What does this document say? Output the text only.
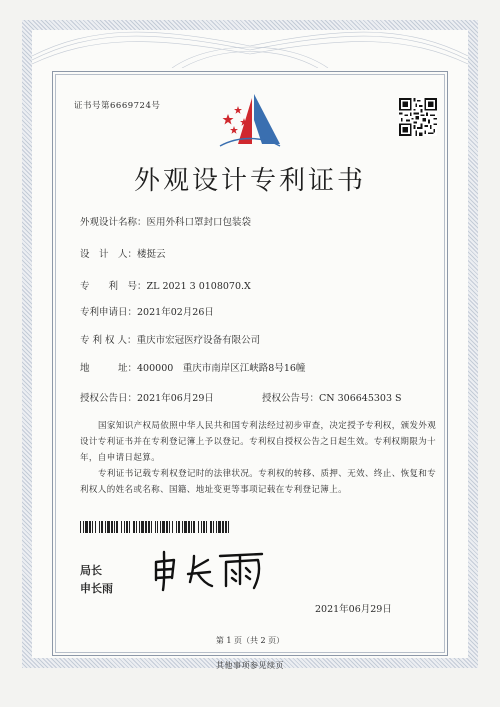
证书号第6669724号
外观设计专利证书
外观设计名称：医用外科口罩封口包装袋
设　计　人：楼挺云
专　　利　号：ZL 2021 3 0108070.X
专利申请日：2021年02月26日
专 利 权 人：重庆市宏冠医疗设备有限公司
地　　　址：400000　重庆市南岸区江峡路8号16幢
授权公告日：2021年06月29日	授权公告号：CN 306645303 S
国家知识产权局依照中华人民共和国专利法经过初步审查，决定授予专利权，颁发外观设计专利证书并在专利登记簿上予以登记。专利权自授权公告之日起生效。专利权期限为十年，自申请日起算。
专利证书记载专利权登记时的法律状况。专利权的转移、质押、无效、终止、恢复和专利权人的姓名或名称、国籍、地址变更等事项记载在专利登记簿上。
局长
申长雨
2021年06月29日
第 1 页（共 2 页）
其他事项参见续页
